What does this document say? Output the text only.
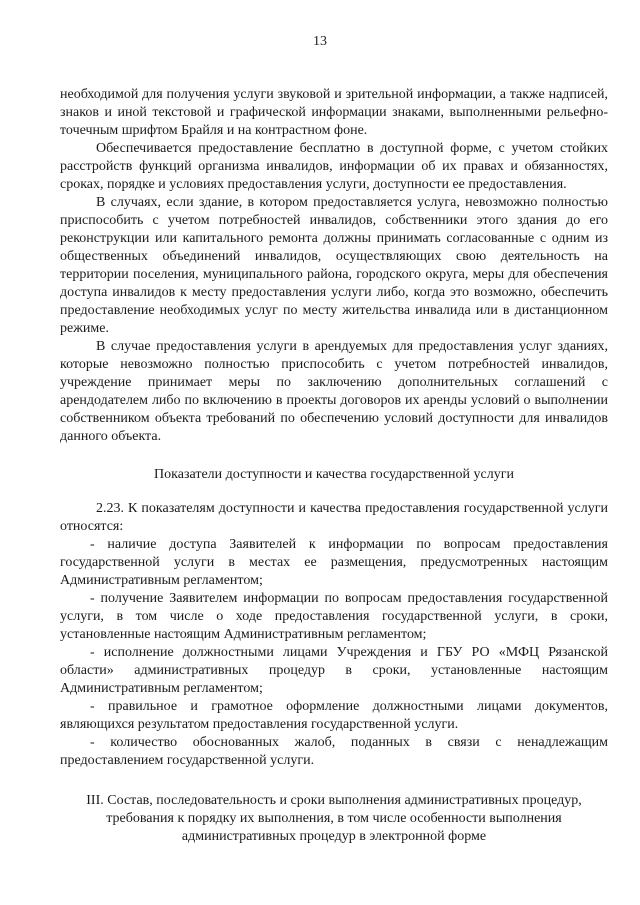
13

необходимой для получения услуги звуковой и зрительной информации, а также надписей, знаков и иной текстовой и графической информации знаками, выполненными рельефно-точечным шрифтом Брайля и на контрастном фоне.

Обеспечивается предоставление бесплатно в доступной форме, с учетом стойких расстройств функций организма инвалидов, информации об их правах и обязанностях, сроках, порядке и условиях предоставления услуги, доступности ее предоставления.

В случаях, если здание, в котором предоставляется услуга, невозможно полностью приспособить с учетом потребностей инвалидов, собственники этого здания до его реконструкции или капитального ремонта должны принимать согласованные с одним из общественных объединений инвалидов, осуществляющих свою деятельность на территории поселения, муниципального района, городского округа, меры для обеспечения доступа инвалидов к месту предоставления услуги либо, когда это возможно, обеспечить предоставление необходимых услуг по месту жительства инвалида или в дистанционном режиме.

В случае предоставления услуги в арендуемых для предоставления услуг зданиях, которые невозможно полностью приспособить с учетом потребностей инвалидов, учреждение принимает меры по заключению дополнительных соглашений с арендодателем либо по включению в проекты договоров их аренды условий о выполнении собственником объекта требований по обеспечению условий доступности для инвалидов данного объекта.

Показатели доступности и качества государственной услуги

2.23. К показателям доступности и качества предоставления государственной услуги относятся:

- наличие доступа Заявителей к информации по вопросам предоставления государственной услуги в местах ее размещения, предусмотренных настоящим Административным регламентом;

- получение Заявителем информации по вопросам предоставления государственной услуги, в том числе о ходе предоставления государственной услуги, в сроки, установленные настоящим Административным регламентом;

- исполнение должностными лицами Учреждения и ГБУ РО «МФЦ Рязанской области» административных процедур в сроки, установленные настоящим Административным регламентом;

- правильное и грамотное оформление должностными лицами документов, являющихся результатом предоставления государственной услуги.

- количество обоснованных жалоб, поданных в связи с ненадлежащим предоставлением государственной услуги.

III. Состав, последовательность и сроки выполнения административных процедур,
требования к порядку их выполнения, в том числе особенности выполнения
административных процедур в электронной форме
